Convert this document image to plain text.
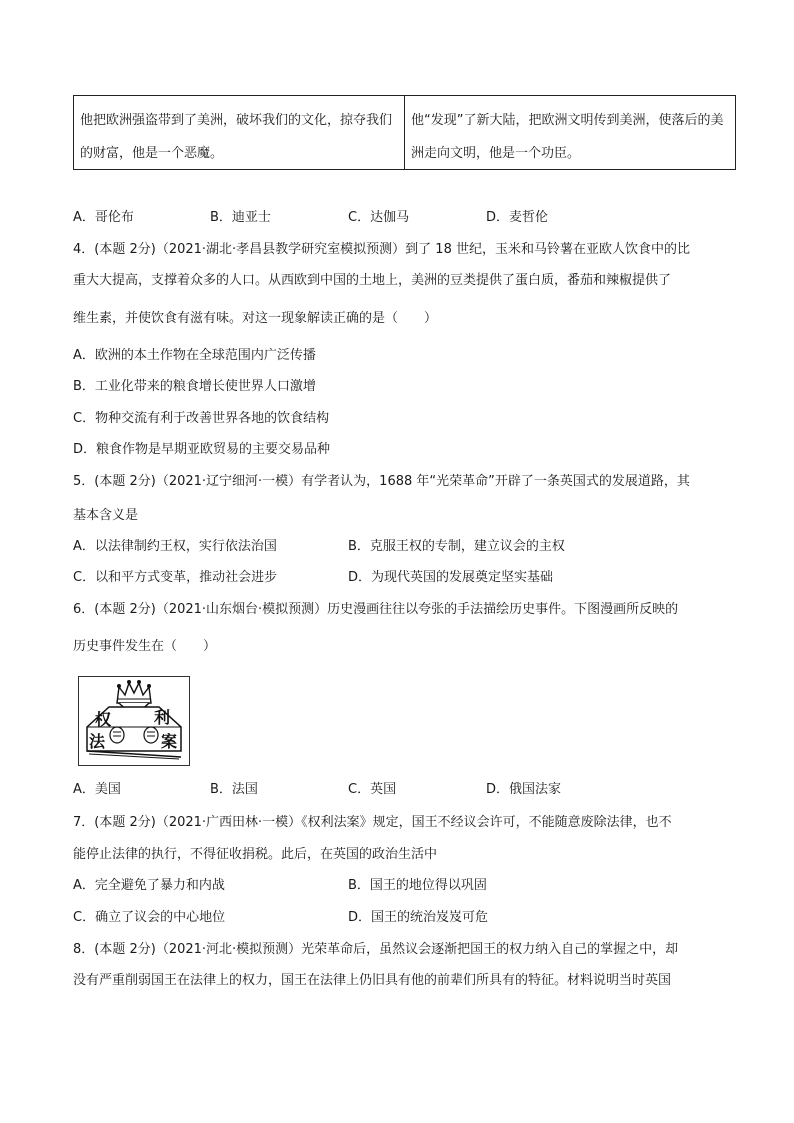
他把欧洲强盗带到了美洲，破坏我们的文化，掠夺我们的财富，他是一个恶魔。
他“发现”了新大陆，把欧洲文明传到美洲，使落后的美洲走向文明，他是一个功臣。
A．哥伦布	B．迪亚士	C．达伽马	D．麦哲伦
4．(本题 2分)（2021·湖北·孝昌县教学研究室模拟预测）到了 18 世纪，玉米和马铃薯在亚欧人饮食中的比
重大大提高，支撑着众多的人口。从西欧到中国的土地上，美洲的豆类提供了蛋白质，番茄和辣椒提供了
维生素，并使饮食有滋有味。对这一现象解读正确的是（　　）
A．欧洲的本土作物在全球范围内广泛传播
B．工业化带来的粮食增长使世界人口激增
C．物种交流有利于改善世界各地的饮食结构
D．粮食作物是早期亚欧贸易的主要交易品种
5．(本题 2分)（2021·辽宁细河·一模）有学者认为，1688 年“光荣革命”开辟了一条英国式的发展道路，其
基本含义是
A．以法律制约王权，实行依法治国	B．克服王权的专制，建立议会的主权
C．以和平方式变革，推动社会进步	D．为现代英国的发展奠定坚实基础
6．(本题 2分)（2021·山东烟台·模拟预测）历史漫画往往以夸张的手法描绘历史事件。下图漫画所反映的
历史事件发生在（　　）
权	利
法	案
A．美国	B．法国	C．英国	D．俄国法家
7．(本题 2分)（2021·广西田林·一模）《权利法案》规定，国王不经议会许可，不能随意废除法律，也不
能停止法律的执行，不得征收捐税。此后，在英国的政治生活中
A．完全避免了暴力和内战	B．国王的地位得以巩固
C．确立了议会的中心地位	D．国王的统治岌岌可危
8．(本题 2分)（2021·河北·模拟预测）光荣革命后，虽然议会逐渐把国王的权力纳入自己的掌握之中，却
没有严重削弱国王在法律上的权力，国王在法律上仍旧具有他的前辈们所具有的特征。材料说明当时英国
